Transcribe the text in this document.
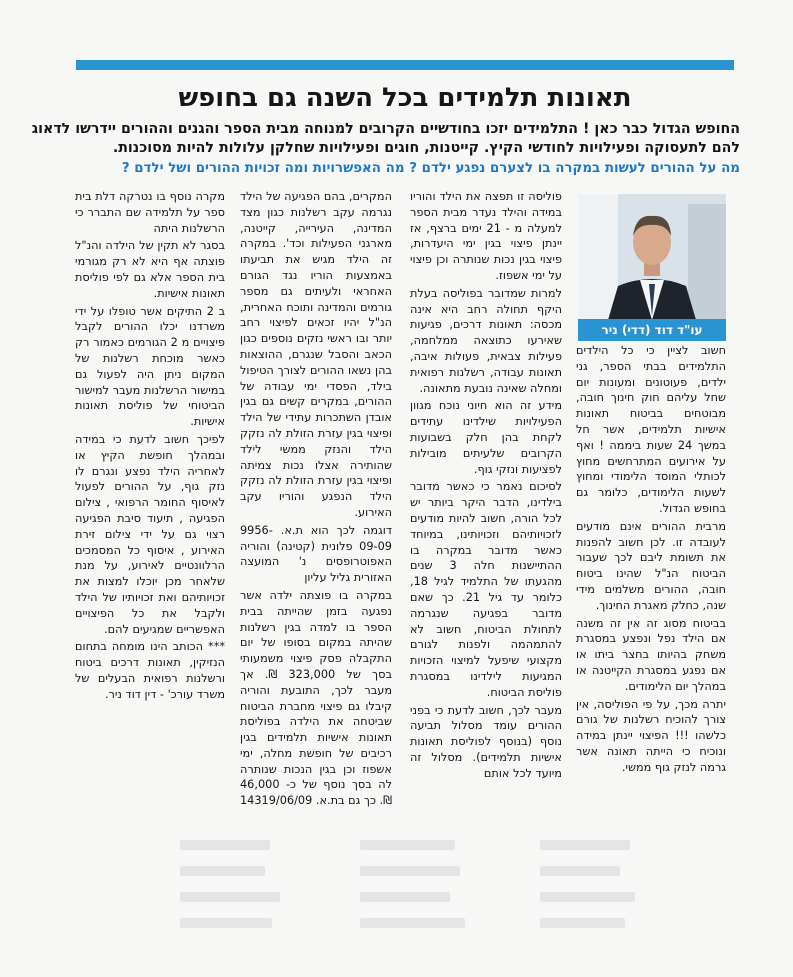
תאונות תלמידים בכל השנה גם בחופש

החופש הגדול כבר כאן ! התלמידים יזכו בחודשיים הקרובים למנוחה מבית הספר והגנים וההורים יידרשו לדאוג

להם לתעסוקה ופעילויות לחודשי הקיץ. קייטנות, חוגים ופעילויות שחלקן עלולות להיות מסוכנות.

מה על ההורים לעשות במקרה בו לצערם נפגע ילדם ? מה האפשרויות ומה זכויות ההורים ושל ילדם ?

עו"ד דוד (דדי) ניר

חשוב לציין כי כל הילדים התלמידים בבתי הספר, גני ילדים, פעוטונים ומעונות יום שחל עליהם חוק חינוך חובה, מבוטחים בביטוח תאונות אישיות תלמידים, אשר חל במשך 24 שעות ביממה ! ואף על אירועים המתרחשים מחוץ לכותלי המוסד הלימודי ומחוץ לשעות הלימודים, כלומר גם בחופש הגדול.

מרבית ההורים אינם מודעים לעובדה זו. לכן חשוב להפנות את תשומת ליבם לכך שעבור הביטוח הנ"ל שהינו ביטוח חובה, ההורים משלמים מידי שנה, כחלק מאגרת החינוך.

בביטוח מסוג זה אין זה משנה אם הילד נפל ונפצע במסגרת משחק בהיותו בחצר ביתו או אם נפגע במסגרת הקייטנה או במהלך יום הלימודים.

יתרה מכך, על פי הפוליסה, אין צורך להוכיח רשלנות של גורם כלשהו !!! הפיצוי יינתן במידה ונוכיח כי הייתה תאונה אשר גרמה לנזק גוף ממשי.

פוליסה זו תפצה את הילד והוריו במידה והילד נעדר מבית הספר למעלה מ - 21 ימים ברצף, אז יינתן פיצוי בגין ימי היעדרות, פיצוי בגין נכות שנותרה וכן פיצוי על ימי אשפוז.

למרות שמדובר בפוליסה בעלת היקף תחולה רחב היא אינה מכסה: תאונות דרכים, פגיעות שאירעו כתוצאה ממלחמה, פעילות צבאית, פעולות איבה, תאונות עבודה, רשלנות רפואית ומחלה שאינה נובעת מתאונה.

מידע זה הוא חיוני נוכח מגוון הפעילויות שילדינו עתידים לקחת בהן חלק בשבועות הקרובים שלעיתים מובילות לפציעות ונזקי גוף.

לסיכום נאמר כי כאשר מדובר בילדינו, הדבר היקר ביותר יש לכל הורה, חשוב להיות מודעים לזכויותיהם וזכויותינו, במיוחד כאשר מדובר במקרה בו ההתיישנות חלה 3 שנים מהגעתו של התלמיד לגיל 18, כלומר עד גיל 21. כך שאם מדובר בפגיעה שנגרמה לתחולת הביטוח, חשוב לא להתמהמה ולפנות לגורם מקצועי שיפעל למיצוי הזכויות המגיעות לילדינו במסגרת פוליסת הביטוח.

מעבר לכך, חשוב לדעת כי בפני ההורים עומד מסלול תביעה נוסף (בנוסף לפוליסת תאונות אישיות תלמידים). מסלול זה מיועד לכל אותם

המקרים, בהם הפגיעה של הילד נגרמה עקב רשלנות כגון מצד המדינה, העירייה, קייטנה, מארגני הפעילות וכד'. במקרה זה הילד מגיש את תביעתו באמצעות הוריו נגד הגורם האחראי ולעיתים גם מספר גורמים והמדינה ותוכח האחרית, הנ"ל יהיו זכאים לפיצוי רחב יותר ובו ראשי נזקים נוספים כגון הכאב והסבל שנגרם, ההוצאות בהן נשאו ההורים לצורך הטיפול בילד, הפסדי ימי עבודה של ההורים, במקרים קשים גם בגין אובדן השתכרות עתידי של הילד ופיצוי בגין עזרת הזולת לה נזקק הילד והנזק ממשי לילד שהותירה אצלו נכות צמיתה ופיצוי בגין עזרת הזולת לה נזקק הילד הנפגע והוריו עקב האירוע.

דוגמה לכך הוא ת.א. 9956-09-09 פלונית (קטינה) והוריה האפוטרופסים נ' המועצה האזורית גליל עליון

במקרה בו פוצתה ילדה אשר נפגעה בזמן שהייתה בבית הספר בו למדה בגין רשלנות שהיתה במקום בסופו של יום התקבלה פסק פיצוי משמעותי בסך של 323,000 ₪. אך מעבר לכך, התובעת והוריה קיבלו גם פיצוי מחברת הביטוח שביטחה את הילדה בפוליסת תאונות אישיות תלמידים בגין רכיבים של חופשת מחלה, ימי אשפוז וכן בגין הנכות שנותרה לה בסך נוסף של כ- 46,000 ₪. כך גם בת.א. 14319/06/09

מקרה נוסף בו נטרקה דלת בית ספר על תלמידה שם התברר כי הרשלנות היתה

בסגר לא תקין של הילדה והנ"ל פוצתה אף היא לא רק מגורמי בית הספר אלא גם לפי פוליסת תאונות אישיות.

ב 2 התיקים אשר טופלו על ידי משרדנו יכלו ההורים לקבל פיצויים מ 2 הגורמים כאמור רק כאשר מוכחת רשלנות של המקום ניתן היה לפעול גם במישור הרשלנות מעבר למישור הביטוחי של פוליסת תאונות אישיות.

לפיכך חשוב לדעת כי במידה ובמהלך חופשת הקיץ או לאחריה הילד נפצע ונגרם לו נזק גוף, על ההורים לפעול לאיסוף החומר הרפואי , צילום הפגיעה , תיעוד סיבת הפגיעה רצוי גם על ידי צילום זירת האירוע , איסוף כל המסמכים הרלוונטיים לאירוע, על מנת שלאחר מכן יוכלו למצות את זכויותיהם ואת זכויותיו של הילד ולקבל את כל הפיצויים האפשריים שמגיעים להם.

*** הכותב הינו מומחה בתחום הנזיקין, תאונות דרכים ביטוח ורשלנות רפואית הבעלים של משרד עורכ' - דין דוד ניר.
